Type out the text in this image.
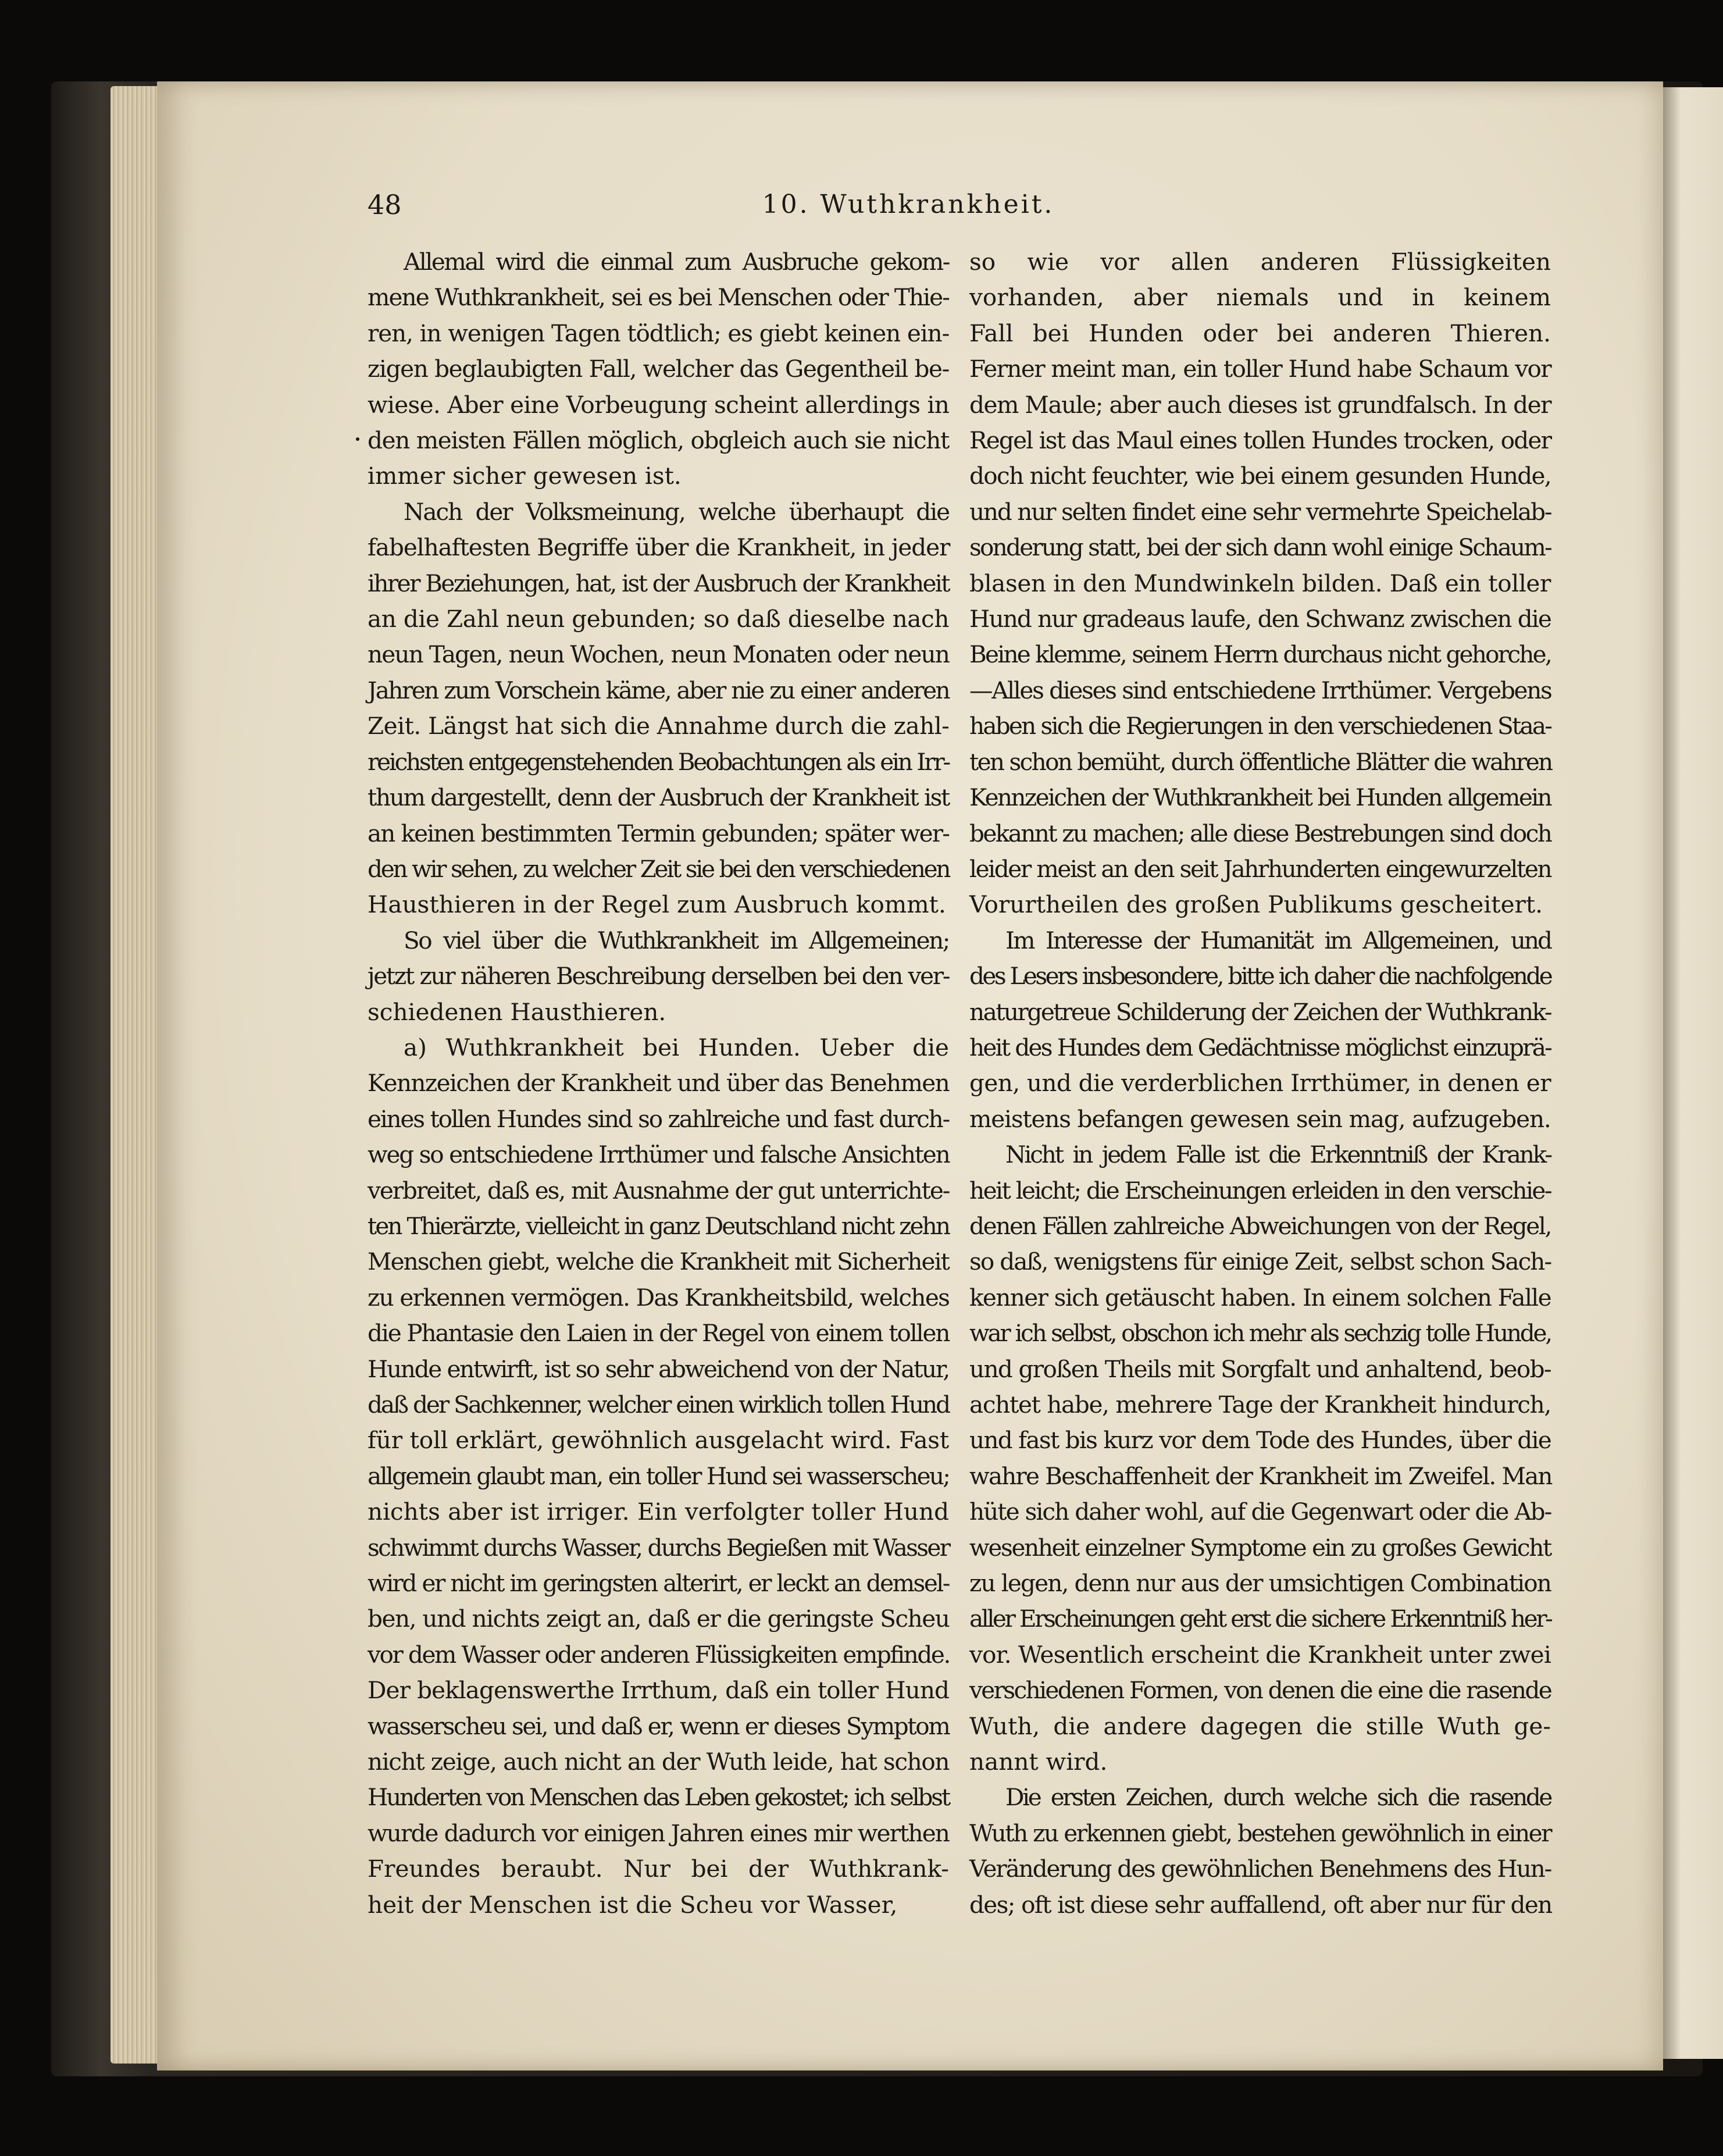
48	10. Wuthkrankheit.

Allemal wird die einmal zum Ausbruche gekom-
mene Wuthkrankheit, sei es bei Menschen oder Thie-
ren, in wenigen Tagen tödtlich; es giebt keinen ein-
zigen beglaubigten Fall, welcher das Gegentheil be-
wiese. Aber eine Vorbeugung scheint allerdings in
den meisten Fällen möglich, obgleich auch sie nicht
immer sicher gewesen ist.

Nach der Volksmeinung, welche überhaupt die
fabelhaftesten Begriffe über die Krankheit, in jeder
ihrer Beziehungen, hat, ist der Ausbruch der Krankheit
an die Zahl neun gebunden; so daß dieselbe nach
neun Tagen, neun Wochen, neun Monaten oder neun
Jahren zum Vorschein käme, aber nie zu einer anderen
Zeit. Längst hat sich die Annahme durch die zahl-
reichsten entgegenstehenden Beobachtungen als ein Irr-
thum dargestellt, denn der Ausbruch der Krankheit ist
an keinen bestimmten Termin gebunden; später wer-
den wir sehen, zu welcher Zeit sie bei den verschiedenen
Hausthieren in der Regel zum Ausbruch kommt.

So viel über die Wuthkrankheit im Allgemeinen;
jetzt zur näheren Beschreibung derselben bei den ver-
schiedenen Hausthieren.

a) Wuthkrankheit bei Hunden. Ueber die
Kennzeichen der Krankheit und über das Benehmen
eines tollen Hundes sind so zahlreiche und fast durch-
weg so entschiedene Irrthümer und falsche Ansichten
verbreitet, daß es, mit Ausnahme der gut unterrichte-
ten Thierärzte, vielleicht in ganz Deutschland nicht zehn
Menschen giebt, welche die Krankheit mit Sicherheit
zu erkennen vermögen. Das Krankheitsbild, welches
die Phantasie den Laien in der Regel von einem tollen
Hunde entwirft, ist so sehr abweichend von der Natur,
daß der Sachkenner, welcher einen wirklich tollen Hund
für toll erklärt, gewöhnlich ausgelacht wird. Fast
allgemein glaubt man, ein toller Hund sei wasserscheu;
nichts aber ist irriger. Ein verfolgter toller Hund
schwimmt durchs Wasser, durchs Begießen mit Wasser
wird er nicht im geringsten alterirt, er leckt an demsel-
ben, und nichts zeigt an, daß er die geringste Scheu
vor dem Wasser oder anderen Flüssigkeiten empfinde.
Der beklagenswerthe Irrthum, daß ein toller Hund
wasserscheu sei, und daß er, wenn er dieses Symptom
nicht zeige, auch nicht an der Wuth leide, hat schon
Hunderten von Menschen das Leben gekostet; ich selbst
wurde dadurch vor einigen Jahren eines mir werthen
Freundes beraubt. Nur bei der Wuthkrank-
heit der Menschen ist die Scheu vor Wasser,

so wie vor allen anderen Flüssigkeiten
vorhanden, aber niemals und in keinem
Fall bei Hunden oder bei anderen Thieren.
Ferner meint man, ein toller Hund habe Schaum vor
dem Maule; aber auch dieses ist grundfalsch. In der
Regel ist das Maul eines tollen Hundes trocken, oder
doch nicht feuchter, wie bei einem gesunden Hunde,
und nur selten findet eine sehr vermehrte Speichelab-
sonderung statt, bei der sich dann wohl einige Schaum-
blasen in den Mundwinkeln bilden. Daß ein toller
Hund nur gradeaus laufe, den Schwanz zwischen die
Beine klemme, seinem Herrn durchaus nicht gehorche,
—Alles dieses sind entschiedene Irrthümer. Vergebens
haben sich die Regierungen in den verschiedenen Staa-
ten schon bemüht, durch öffentliche Blätter die wahren
Kennzeichen der Wuthkrankheit bei Hunden allgemein
bekannt zu machen; alle diese Bestrebungen sind doch
leider meist an den seit Jahrhunderten eingewurzelten
Vorurtheilen des großen Publikums gescheitert.

Im Interesse der Humanität im Allgemeinen, und
des Lesers insbesondere, bitte ich daher die nachfolgende
naturgetreue Schilderung der Zeichen der Wuthkrank-
heit des Hundes dem Gedächtnisse möglichst einzuprä-
gen, und die verderblichen Irrthümer, in denen er
meistens befangen gewesen sein mag, aufzugeben.

Nicht in jedem Falle ist die Erkenntniß der Krank-
heit leicht; die Erscheinungen erleiden in den verschie-
denen Fällen zahlreiche Abweichungen von der Regel,
so daß, wenigstens für einige Zeit, selbst schon Sach-
kenner sich getäuscht haben. In einem solchen Falle
war ich selbst, obschon ich mehr als sechzig tolle Hunde,
und großen Theils mit Sorgfalt und anhaltend, beob-
achtet habe, mehrere Tage der Krankheit hindurch,
und fast bis kurz vor dem Tode des Hundes, über die
wahre Beschaffenheit der Krankheit im Zweifel. Man
hüte sich daher wohl, auf die Gegenwart oder die Ab-
wesenheit einzelner Symptome ein zu großes Gewicht
zu legen, denn nur aus der umsichtigen Combination
aller Erscheinungen geht erst die sichere Erkenntniß her-
vor. Wesentlich erscheint die Krankheit unter zwei
verschiedenen Formen, von denen die eine die rasende
Wuth, die andere dagegen die stille Wuth ge-
nannt wird.

Die ersten Zeichen, durch welche sich die rasende
Wuth zu erkennen giebt, bestehen gewöhnlich in einer
Veränderung des gewöhnlichen Benehmens des Hun-
des; oft ist diese sehr auffallend, oft aber nur für den
